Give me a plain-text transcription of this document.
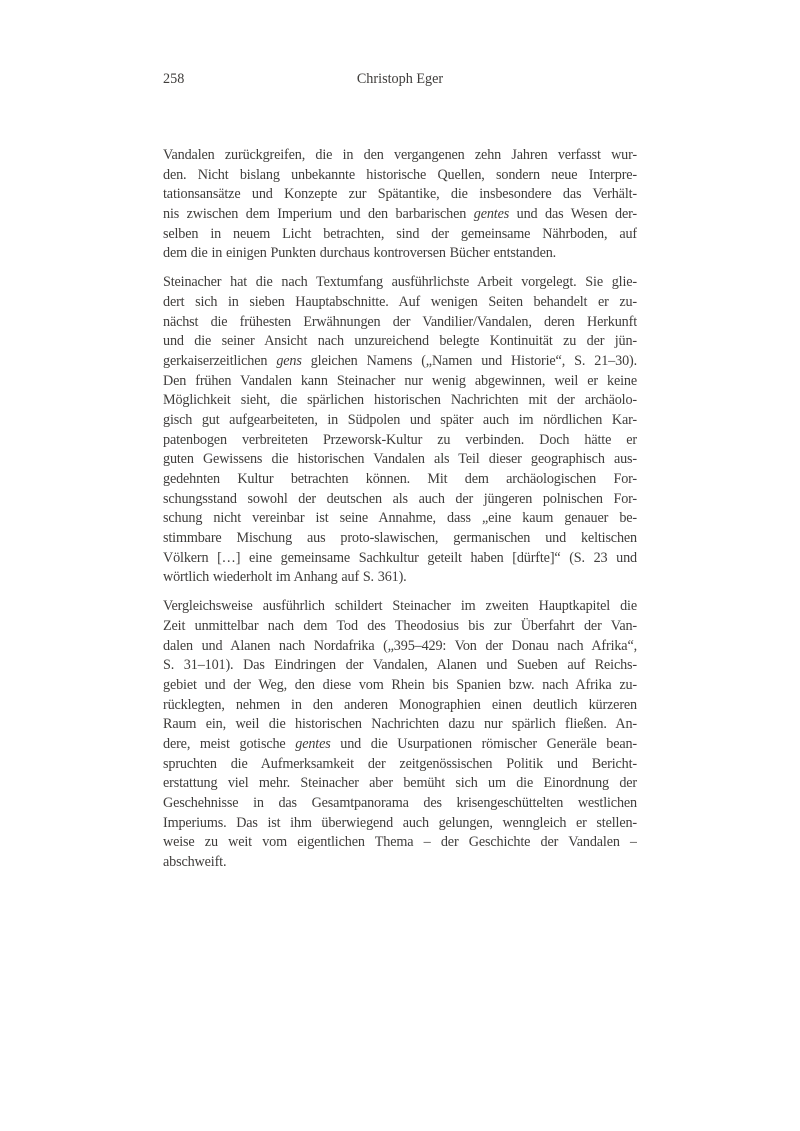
258	Christoph Eger
Vandalen zurückgreifen, die in den vergangenen zehn Jahren verfasst wur-
den. Nicht bislang unbekannte historische Quellen, sondern neue Interpre-
tationsansätze und Konzepte zur Spätantike, die insbesondere das Verhält-
nis zwischen dem Imperium und den barbarischen gentes und das Wesen der-
selben in neuem Licht betrachten, sind der gemeinsame Nährboden, auf
dem die in einigen Punkten durchaus kontroversen Bücher entstanden.
Steinacher hat die nach Textumfang ausführlichste Arbeit vorgelegt. Sie glie-
dert sich in sieben Hauptabschnitte. Auf wenigen Seiten behandelt er zu-
nächst die frühesten Erwähnungen der Vandilier/Vandalen, deren Herkunft
und die seiner Ansicht nach unzureichend belegte Kontinuität zu der jün-
gerkaiserzeitlichen gens gleichen Namens („Namen und Historie“, S. 21–30).
Den frühen Vandalen kann Steinacher nur wenig abgewinnen, weil er keine
Möglichkeit sieht, die spärlichen historischen Nachrichten mit der archäolo-
gisch gut aufgearbeiteten, in Südpolen und später auch im nördlichen Kar-
patenbogen verbreiteten Przeworsk-Kultur zu verbinden. Doch hätte er
guten Gewissens die historischen Vandalen als Teil dieser geographisch aus-
gedehnten Kultur betrachten können. Mit dem archäologischen For-
schungsstand sowohl der deutschen als auch der jüngeren polnischen For-
schung nicht vereinbar ist seine Annahme, dass „eine kaum genauer be-
stimmbare Mischung aus proto-slawischen, germanischen und keltischen
Völkern […] eine gemeinsame Sachkultur geteilt haben [dürfte]“ (S. 23 und
wörtlich wiederholt im Anhang auf S. 361).
Vergleichsweise ausführlich schildert Steinacher im zweiten Hauptkapitel die
Zeit unmittelbar nach dem Tod des Theodosius bis zur Überfahrt der Van-
dalen und Alanen nach Nordafrika („395–429: Von der Donau nach Afrika“,
S. 31–101). Das Eindringen der Vandalen, Alanen und Sueben auf Reichs-
gebiet und der Weg, den diese vom Rhein bis Spanien bzw. nach Afrika zu-
rücklegten, nehmen in den anderen Monographien einen deutlich kürzeren
Raum ein, weil die historischen Nachrichten dazu nur spärlich fließen. An-
dere, meist gotische gentes und die Usurpationen römischer Generäle bean-
spruchten die Aufmerksamkeit der zeitgenössischen Politik und Bericht-
erstattung viel mehr. Steinacher aber bemüht sich um die Einordnung der
Geschehnisse in das Gesamtpanorama des krisengeschüttelten westlichen
Imperiums. Das ist ihm überwiegend auch gelungen, wenngleich er stellen-
weise zu weit vom eigentlichen Thema – der Geschichte der Vandalen –
abschweift.
